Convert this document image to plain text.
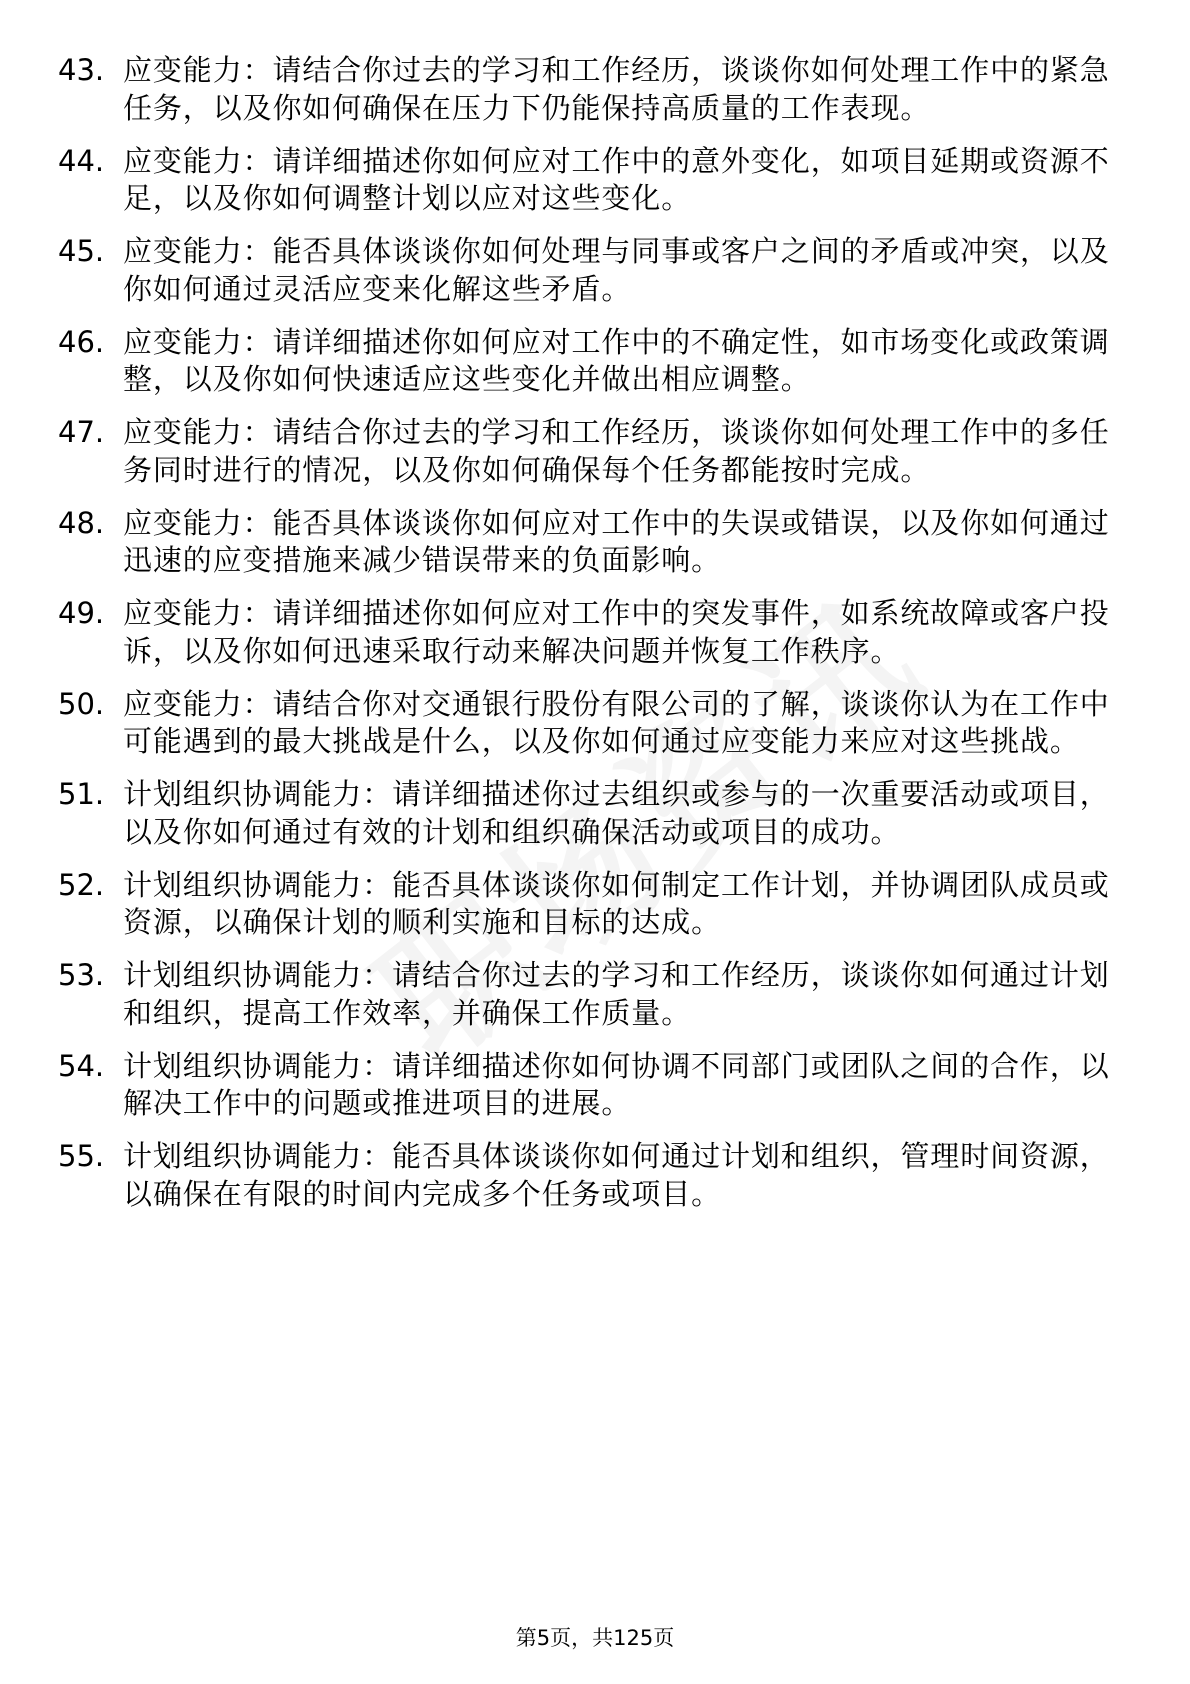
43. 应变能力：请结合你过去的学习和工作经历，谈谈你如何处理工作中的紧急任务，以及你如何确保在压力下仍能保持高质量的工作表现。
44. 应变能力：请详细描述你如何应对工作中的意外变化，如项目延期或资源不足，以及你如何调整计划以应对这些变化。
45. 应变能力：能否具体谈谈你如何处理与同事或客户之间的矛盾或冲突，以及你如何通过灵活应变来化解这些矛盾。
46. 应变能力：请详细描述你如何应对工作中的不确定性，如市场变化或政策调整，以及你如何快速适应这些变化并做出相应调整。
47. 应变能力：请结合你过去的学习和工作经历，谈谈你如何处理工作中的多任务同时进行的情况，以及你如何确保每个任务都能按时完成。
48. 应变能力：能否具体谈谈你如何应对工作中的失误或错误，以及你如何通过迅速的应变措施来减少错误带来的负面影响。
49. 应变能力：请详细描述你如何应对工作中的突发事件，如系统故障或客户投诉，以及你如何迅速采取行动来解决问题并恢复工作秩序。
50. 应变能力：请结合你对交通银行股份有限公司的了解，谈谈你认为在工作中可能遇到的最大挑战是什么，以及你如何通过应变能力来应对这些挑战。
51. 计划组织协调能力：请详细描述你过去组织或参与的一次重要活动或项目，以及你如何通过有效的计划和组织确保活动或项目的成功。
52. 计划组织协调能力：能否具体谈谈你如何制定工作计划，并协调团队成员或资源，以确保计划的顺利实施和目标的达成。
53. 计划组织协调能力：请结合你过去的学习和工作经历，谈谈你如何通过计划和组织，提高工作效率，并确保工作质量。
54. 计划组织协调能力：请详细描述你如何协调不同部门或团队之间的合作，以解决工作中的问题或推进项目的进展。
55. 计划组织协调能力：能否具体谈谈你如何通过计划和组织，管理时间资源，以确保在有限的时间内完成多个任务或项目。
第5页，共125页
